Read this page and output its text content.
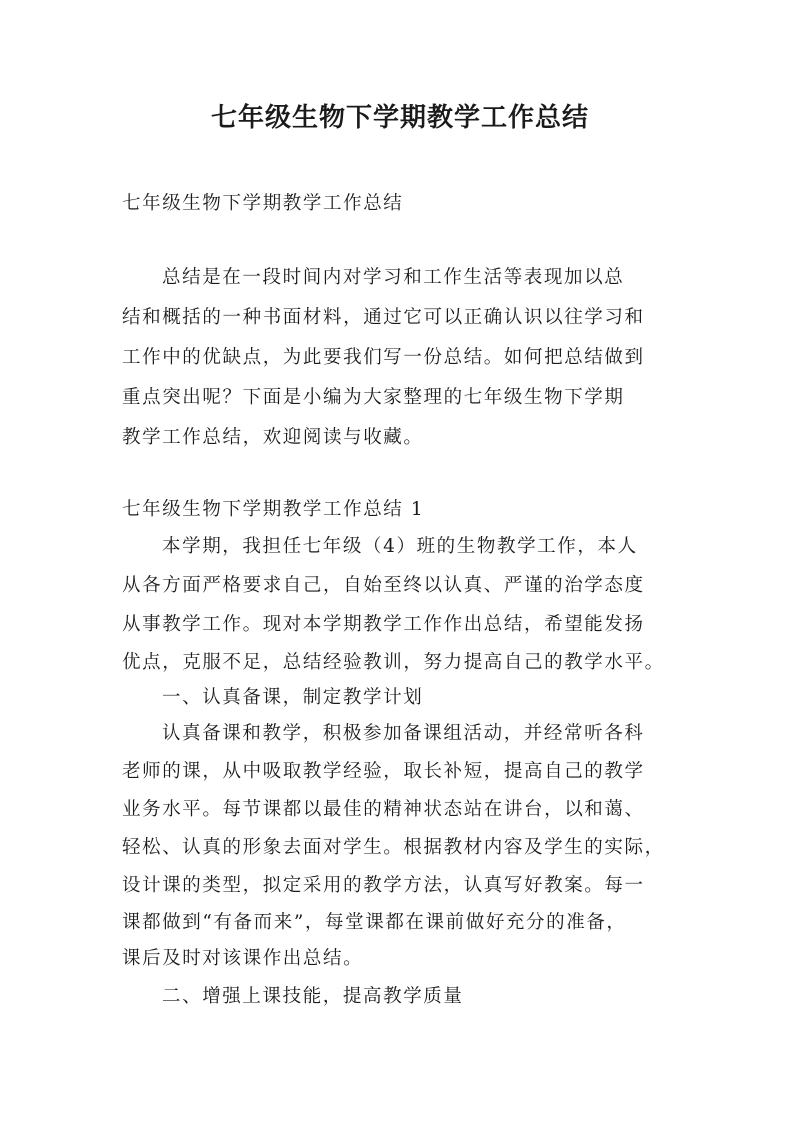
七年级生物下学期教学工作总结
七年级生物下学期教学工作总结
总结是在一段时间内对学习和工作生活等表现加以总
结和概括的一种书面材料，通过它可以正确认识以往学习和
工作中的优缺点，为此要我们写一份总结。如何把总结做到
重点突出呢？下面是小编为大家整理的七年级生物下学期
教学工作总结，欢迎阅读与收藏。
七年级生物下学期教学工作总结 1
本学期，我担任七年级（4）班的生物教学工作，本人
从各方面严格要求自己，自始至终以认真、严谨的治学态度
从事教学工作。现对本学期教学工作作出总结，希望能发扬
优点，克服不足，总结经验教训，努力提高自己的教学水平。
一、认真备课，制定教学计划
认真备课和教学，积极参加备课组活动，并经常听各科
老师的课，从中吸取教学经验，取长补短，提高自己的教学
业务水平。每节课都以最佳的精神状态站在讲台，以和蔼、
轻松、认真的形象去面对学生。根据教材内容及学生的实际，
设计课的类型，拟定采用的教学方法，认真写好教案。每一
课都做到“有备而来”，每堂课都在课前做好充分的准备，
课后及时对该课作出总结。
二、增强上课技能，提高教学质量
